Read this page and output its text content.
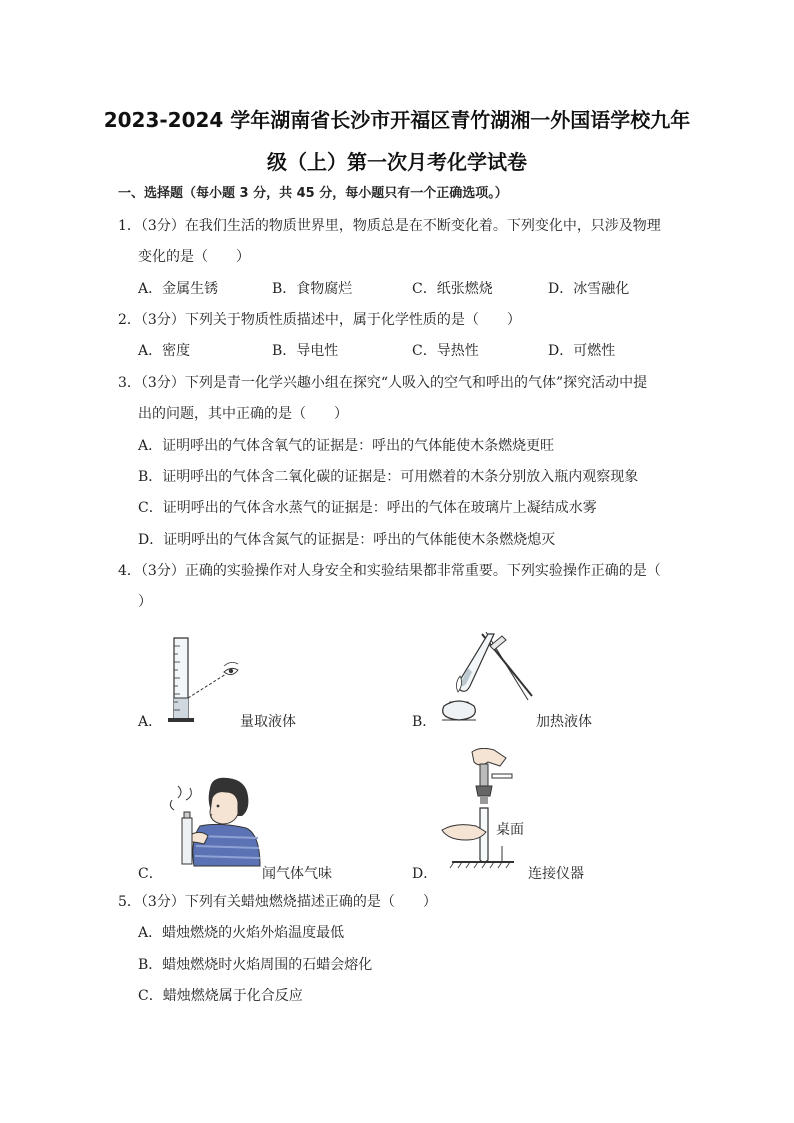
2023-2024 学年湖南省长沙市开福区青竹湖湘一外国语学校九年
级（上）第一次月考化学试卷
一、选择题（每小题 3 分，共 45 分，每小题只有一个正确选项。）
1．（3分）在我们生活的物质世界里，物质总是在不断变化着。下列变化中，只涉及物理
变化的是（　　）
A．金属生锈	B．食物腐烂	C．纸张燃烧	D．冰雪融化
2．（3分）下列关于物质性质描述中，属于化学性质的是（　　）
A．密度	B．导电性	C．导热性	D．可燃性
3．（3分）下列是青一化学兴趣小组在探究“人吸入的空气和呼出的气体”探究活动中提
出的问题，其中正确的是（　　）
A．证明呼出的气体含氧气的证据是：呼出的气体能使木条燃烧更旺
B．证明呼出的气体含二氧化碳的证据是：可用燃着的木条分别放入瓶内观察现象
C．证明呼出的气体含水蒸气的证据是：呼出的气体在玻璃片上凝结成水雾
D．证明呼出的气体含氮气的证据是：呼出的气体能使木条燃烧熄灭
4．（3分）正确的实验操作对人身安全和实验结果都非常重要。下列实验操作正确的是（
）
A．	量取液体	B．	加热液体
C．	闻气体气味
桌面
D．	连接仪器
5．（3分）下列有关蜡烛燃烧描述正确的是（　　）
A．蜡烛燃烧的火焰外焰温度最低
B．蜡烛燃烧时火焰周围的石蜡会熔化
C．蜡烛燃烧属于化合反应
